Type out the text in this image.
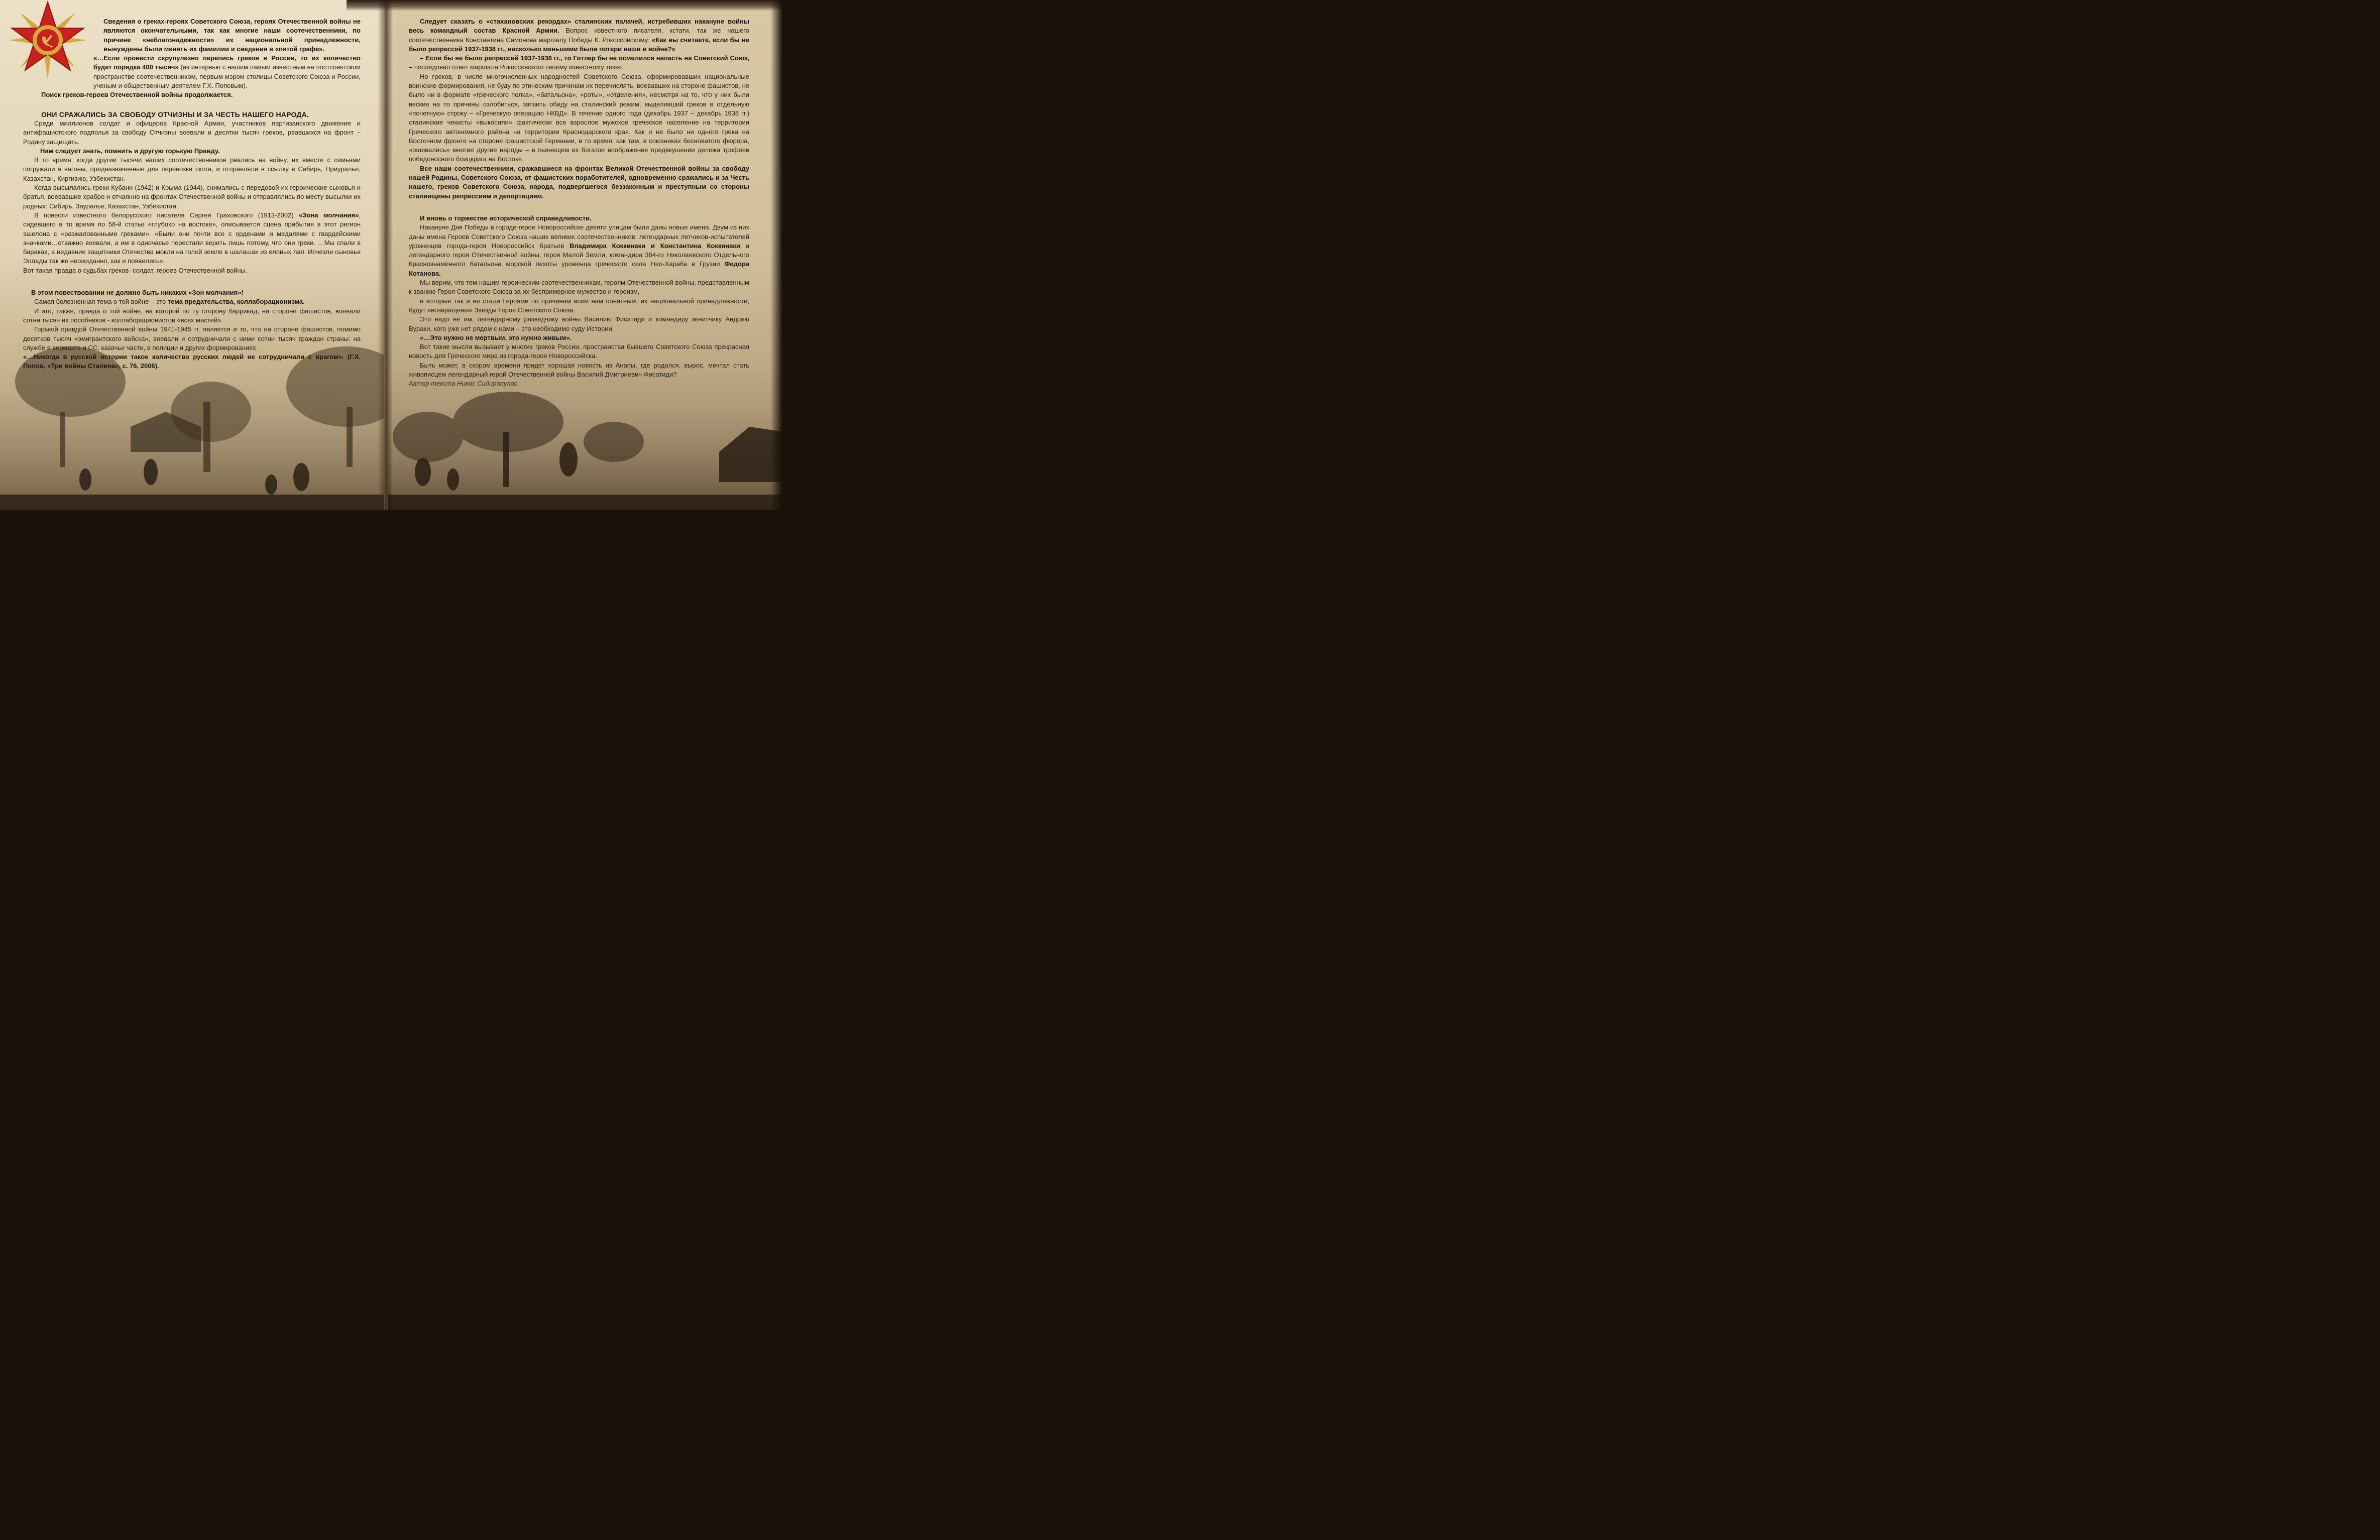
Сведения о греках-героях Советского Союза, героях Отечественной войны не являются окончательными, так как многие наши соотечественники, по причине «неблагонадежности» их национальной принадлежности, вынуждены были менять их фамилии и сведения в «пятой графе».

«…Если провести скрупулезно перепись греков в России, то их количество будет порядка 400 тысяч» (из интервью с нашим самым известным на постсоветском пространстве соотечественником, первым мэром столицы Советского Союза и России, ученым и общественным деятелем Г.Х. Поповым).

Поиск греков-героев Отечественной войны продолжается.

ОНИ СРАЖАЛИСЬ ЗА СВОБОДУ ОТЧИЗНЫ И ЗА ЧЕСТЬ НАШЕГО НАРОДА.

Среди миллионов солдат и офицеров Красной Армии, участников партизанского движения и антифашистского подполья за свободу Отчизны воевали и десятки тысяч греков, рвавшихся на фронт – Родину защищать.

Нам следует знать, помнить и другую горькую Правду.

В то время, когда другие тысячи наших соотечественников рвались на войну, их вместе с семьями погружали в вагоны, предназначенные для перевозки скота, и отправляли в ссылку в Сибирь, Приуралье, Казахстан, Киргизию, Узбекистан.

Когда высылались греки Кубани (1942) и Крыма (1944), снимались с передовой их героические сыновья и братья, воевавшие храбро и отчаянно на фронтах Отечественной войны и отправлялись по месту высылки их родных: Сибирь, Зауралье, Казахстан, Узбекистан.

В повести известного белорусского писателя Сергея Граховского (1913-2002) «Зона молчания», сидевшего в то время по 58-й статье «глубоко на востоке», описывается сцена прибытия в этот регион эшелона с «разжалованными греками». «Были они почти все с орденами и медалями с гвардейскими значками…отважно воевали, а им в одночасье перестали верить лишь потому, что они греки. …Мы спали в бараках, а недавние защитники Отечества мокли на голой земле в шалашах из еловых лап. Исчезли сыновья Эллады так же неожиданно, как и появились».

Вот такая правда о судьбах греков- солдат, героев Отечественной войны.

В этом повествовании не должно быть никаких «Зон молчания»!

Самая болезненная тема о той войне – это тема предательства, коллаборационизма.

И это, также, правда о той войне, на которой по ту сторону баррикад, на стороне фашистов, воевали сотни тысяч их пособников - коллаборационистов «всех мастей».

Горькой правдой Отечественной войны 1941-1945 гг. является и то, что на стороне фашистов, помимо десятков тысяч «эмигрантского войска», воевали и сотрудничали с ними сотни тысяч граждан страны: на службе в вермахте и СС, казачьи части, в полиции и других формированиях.

«…Никогда в русской истории такое количество русских людей не сотрудничали с врагом». (Г.Х. Попов, «Три войны Сталина», с. 76, 2006).

Следует сказать о «стахановских рекордах» сталинских палачей, истребивших накануне войны весь командный состав Красной Армии. Вопрос известного писателя, кстати, так же нашего соотечественника Константина Симонова маршалу Победы К. Рокоссовскому: «Как вы считаете, если бы не было репрессий 1937-1938 гг., насколько меньшими были потери наши в войне?»

– Если бы не было репрессий 1937-1938 гг., то Гитлер бы не осмелился напасть на Советский Союз, – последовал ответ маршала Рокоссовского своему известному тезке.

Но греков, в числе многочисленных народностей Советского Союза, сформировавших национальные воинские формирования, не буду по этическим причинам их перечислять, воевавших на стороне фашистов, не было ни в формате «греческого полка», «батальона», «роты», «отделения», несмотря на то, что у них были веские на то причины озлобиться, затаить обиду на сталинский режим, выделивший греков в отдельную «почетную» строку – «Греческую операцию НКВД». В течение одного года (декабрь 1937 – декабрь 1938 гг.) сталинские чекисты «выкосили» фактически все взрослое мужское греческое население на территории Греческого автономного района на территории Краснодарского края. Как и не было ни одного грека на Восточном фронте на стороне фашистской Германии, в то время, как там, в союзниках бесноватого фюрера, «ошивались» многие другие народы – в пьянящем их богатое воображение предвкушении дележа трофеев победоносного блицкрига на Востоке.

Все наши соотечественники, сражавшиеся на фронтах Великой Отечественной войны за свободу нашей Родины, Советского Союза, от фашистских поработителей, одновременно сражались и за Честь нашего, греков Советского Союза, народа, подвергшегося беззаконным и преступным со стороны сталинщины репрессиям и депортациям.

И вновь о торжестве исторической справедливости.

Накануне Дня Победы в городе-герое Новороссийске девяти улицам были даны новые имена. Двум из них даны имена Героев Советского Союза наших великих соотечественников: легендарных летчиков-испытателей уроженцев города-героя Новороссийск братьев Владимира Коккинаки и Константина Коккинаки и легендарного героя Отечественной войны, героя Малой Земли, командира 384-го Николаевского Отдельного Краснознаменного батальона морской пехоты уроженца греческого села Нео-Хараба в Грузии Федора Котанова.

Мы верим, что тем нашим героическим соотечественникам, героям Отечественной войны, представленным к званию Героя Советского Союза за их беспримерное мужество и героизм,

и которые так и не стали Героями по причинам всем нам понятным, их национальной принадлежности, будут «возвращены» Звезды Героя Советского Союза.

Это надо не им, легендарному разведчику войны Василию Фисатиди и командиру зенитчику Андрею Вураки, кого уже нет рядом с нами – это необходимо суду Истории.

«…Это нужно не мертвым, это нужно живым».

Вот такие мысли вызывает у многих греков России, пространства бывшего Советского Союза прекрасная новость для Греческого мира из города-героя Новороссийска.

Быть может, в скором времени придет хорошая новость из Анапы, где родился, вырос, мечтал стать живописцем легендарный герой Отечественной войны Василий Дмитриевич Фисатиди?

Автор текста Никос Сидиропулос
